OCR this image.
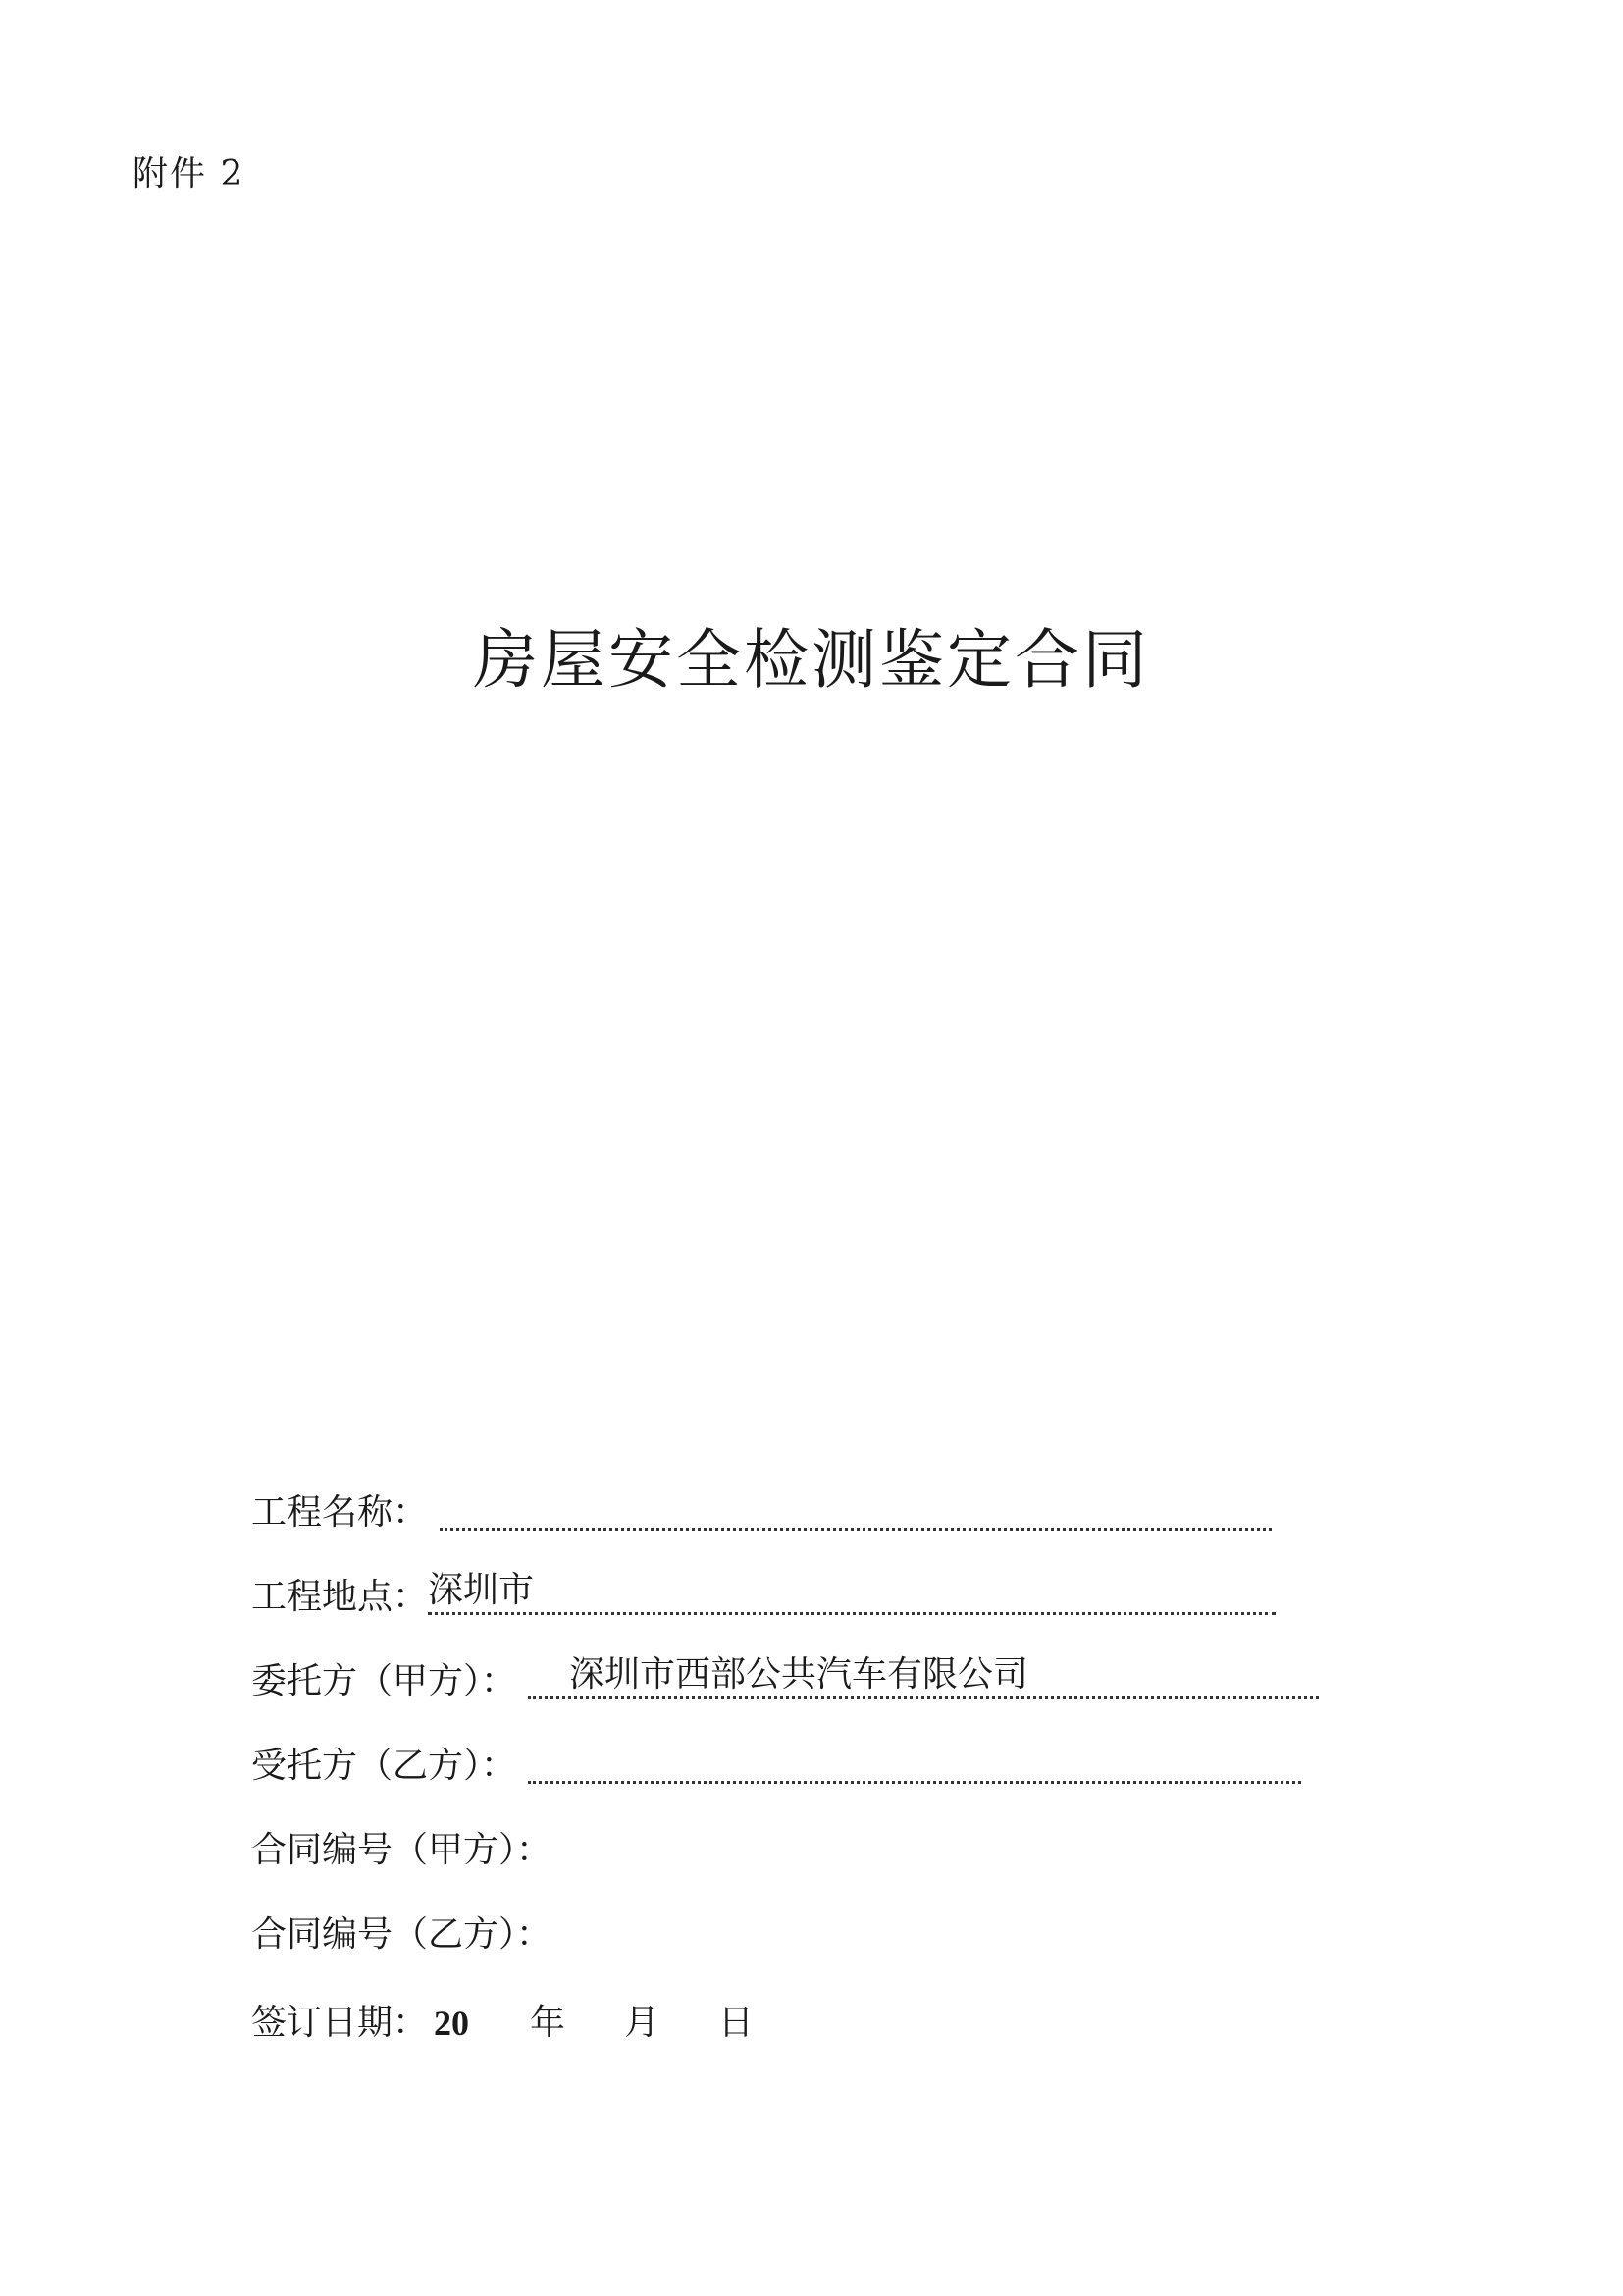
附件 2
房屋安全检测鉴定合同
工程名称：
工程地点： 深圳市
委托方（甲方）： 深圳市西部公共汽车有限公司
受托方（乙方）：
合同编号（甲方）：
合同编号（乙方）：
签订日期： 20 年 月 日
